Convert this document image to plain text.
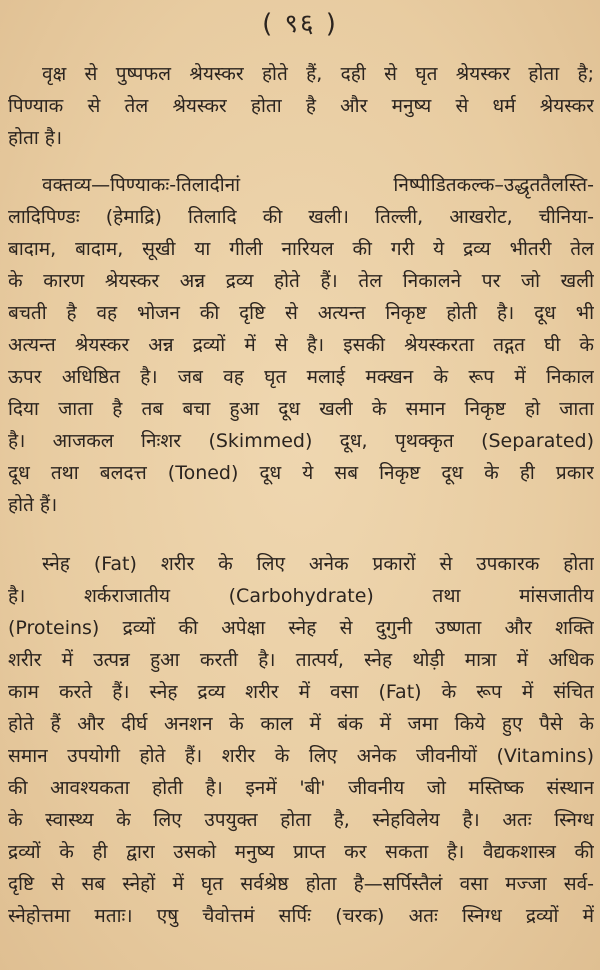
( ९६ )
वृक्ष से पुष्पफल श्रेयस्कर होते हैं, दही से घृत श्रेयस्कर होता है;
पिण्याक से तेल श्रेयस्कर होता है और मनुष्य से धर्म श्रेयस्कर
होता है।
वक्तव्य—पिण्याकः-तिलादीनां निष्पीडितकल्क–उद्धृततैलस्ति-
लादिपिण्डः (हेमाद्रि) तिलादि की खली। तिल्ली, आखरोट, चीनिया-
बादाम, बादाम, सूखी या गीली नारियल की गरी ये द्रव्य भीतरी तेल
के कारण श्रेयस्कर अन्न द्रव्य होते हैं। तेल निकालने पर जो खली
बचती है वह भोजन की दृष्टि से अत्यन्त निकृष्ट होती है। दूध भी
अत्यन्त श्रेयस्कर अन्न द्रव्यों में से है। इसकी श्रेयस्करता तद्गत घी के
ऊपर अधिष्ठित है। जब वह घृत मलाई मक्खन के रूप में निकाल
दिया जाता है तब बचा हुआ दूध खली के समान निकृष्ट हो जाता
है। आजकल निःशर (Skimmed) दूध, पृथक्कृत (Separated)
दूध तथा बलदत्त (Toned) दूध ये सब निकृष्ट दूध के ही प्रकार
होते हैं।
स्नेह (Fat) शरीर के लिए अनेक प्रकारों से उपकारक होता
है। शर्कराजातीय (Carbohydrate) तथा मांसजातीय
(Proteins) द्रव्यों की अपेक्षा स्नेह से दुगुनी उष्णता और शक्ति
शरीर में उत्पन्न हुआ करती है। तात्पर्य, स्नेह थोड़ी मात्रा में अधिक
काम करते हैं। स्नेह द्रव्य शरीर में वसा (Fat) के रूप में संचित
होते हैं और दीर्घ अनशन के काल में बंक में जमा किये हुए पैसे के
समान उपयोगी होते हैं। शरीर के लिए अनेक जीवनीयों (Vitamins)
की आवश्यकता होती है। इनमें 'बी' जीवनीय जो मस्तिष्क संस्थान
के स्वास्थ्य के लिए उपयुक्त होता है, स्नेहविलेय है। अतः स्निग्ध
द्रव्यों के ही द्वारा उसको मनुष्य प्राप्त कर सकता है। वैद्यकशास्त्र की
दृष्टि से सब स्नेहों में घृत सर्वश्रेष्ठ होता है—सर्पिस्तैलं वसा मज्जा सर्व-
स्नेहोत्तमा मताः। एषु चैवोत्तमं सर्पिः (चरक) अतः स्निग्ध द्रव्यों में
